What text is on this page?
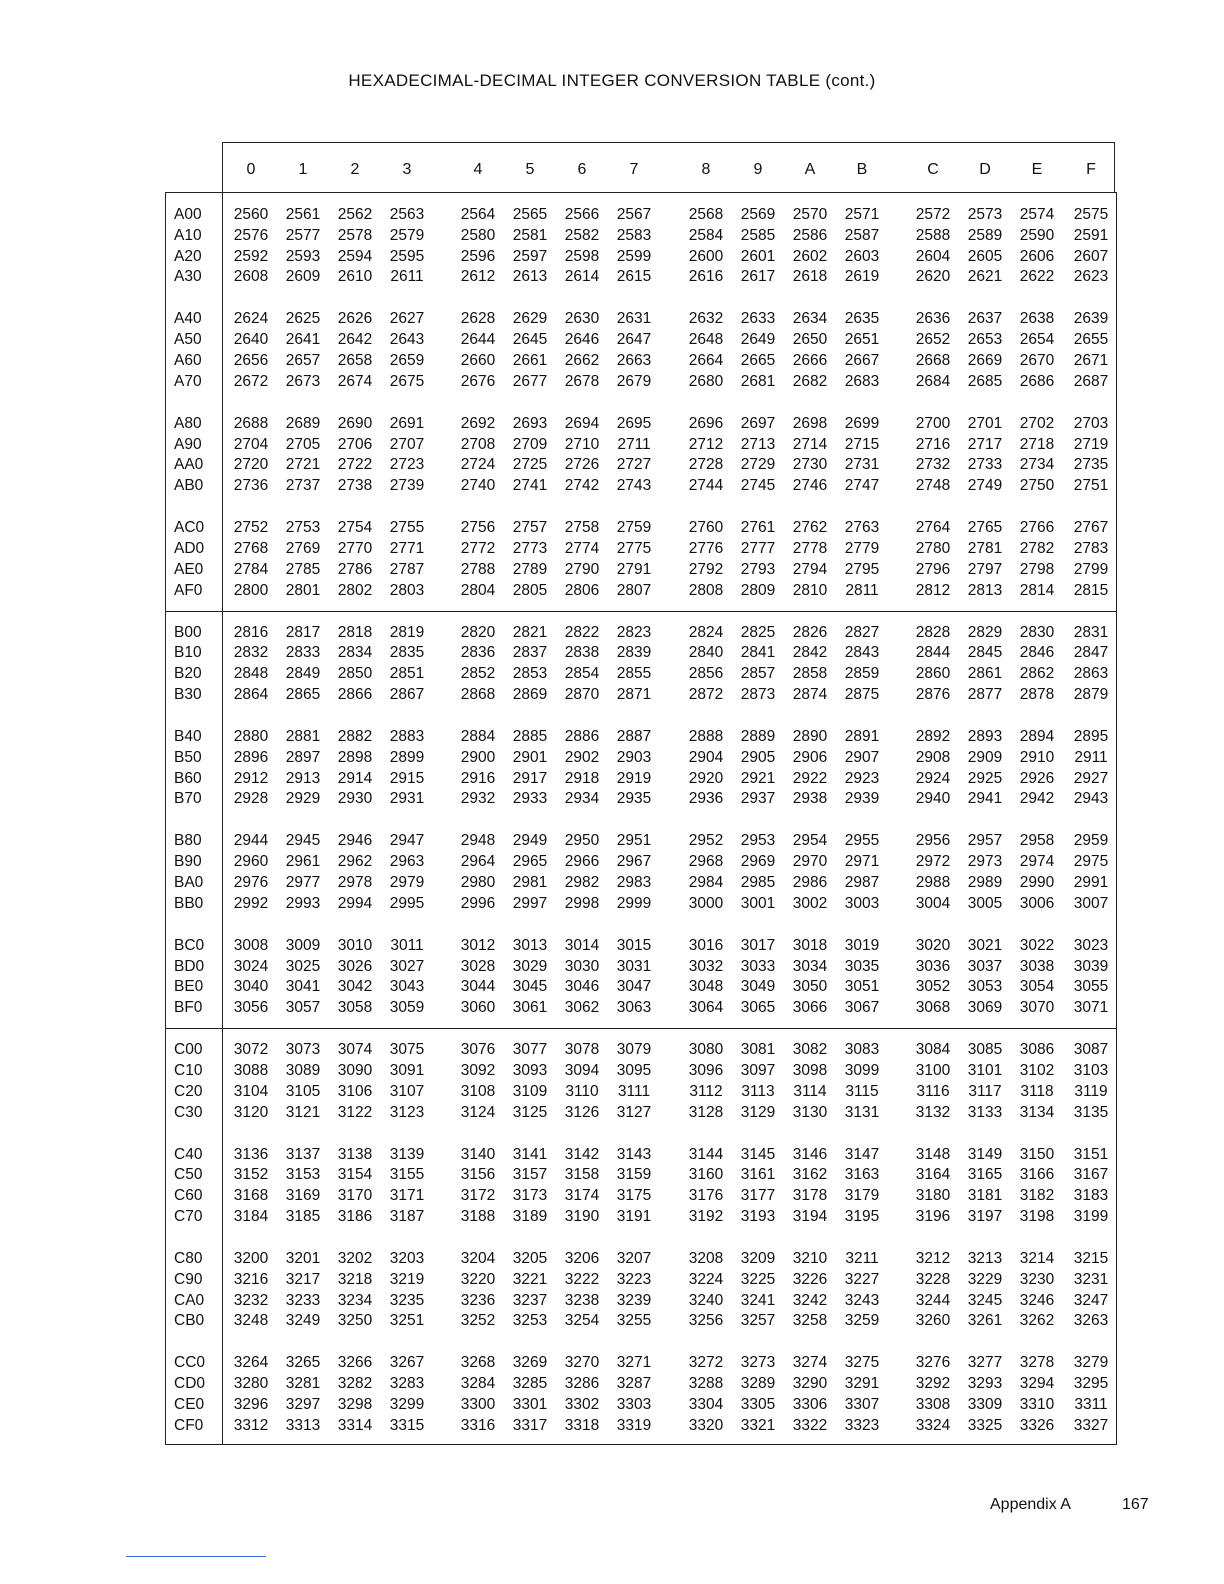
HEXADECIMAL-DECIMAL INTEGER CONVERSION TABLE (cont.)
0	1	2	3	4	5	6	7	8	9	A	B	C	D	E	F
A00	2560	2561	2562	2563	2564	2565	2566	2567	2568	2569	2570	2571	2572	2573	2574	2575
A10	2576	2577	2578	2579	2580	2581	2582	2583	2584	2585	2586	2587	2588	2589	2590	2591
A20	2592	2593	2594	2595	2596	2597	2598	2599	2600	2601	2602	2603	2604	2605	2606	2607
A30	2608	2609	2610	2611	2612	2613	2614	2615	2616	2617	2618	2619	2620	2621	2622	2623
A40	2624	2625	2626	2627	2628	2629	2630	2631	2632	2633	2634	2635	2636	2637	2638	2639
A50	2640	2641	2642	2643	2644	2645	2646	2647	2648	2649	2650	2651	2652	2653	2654	2655
A60	2656	2657	2658	2659	2660	2661	2662	2663	2664	2665	2666	2667	2668	2669	2670	2671
A70	2672	2673	2674	2675	2676	2677	2678	2679	2680	2681	2682	2683	2684	2685	2686	2687
A80	2688	2689	2690	2691	2692	2693	2694	2695	2696	2697	2698	2699	2700	2701	2702	2703
A90	2704	2705	2706	2707	2708	2709	2710	2711	2712	2713	2714	2715	2716	2717	2718	2719
AA0	2720	2721	2722	2723	2724	2725	2726	2727	2728	2729	2730	2731	2732	2733	2734	2735
AB0	2736	2737	2738	2739	2740	2741	2742	2743	2744	2745	2746	2747	2748	2749	2750	2751
AC0	2752	2753	2754	2755	2756	2757	2758	2759	2760	2761	2762	2763	2764	2765	2766	2767
AD0	2768	2769	2770	2771	2772	2773	2774	2775	2776	2777	2778	2779	2780	2781	2782	2783
AE0	2784	2785	2786	2787	2788	2789	2790	2791	2792	2793	2794	2795	2796	2797	2798	2799
AF0	2800	2801	2802	2803	2804	2805	2806	2807	2808	2809	2810	2811	2812	2813	2814	2815
B00	2816	2817	2818	2819	2820	2821	2822	2823	2824	2825	2826	2827	2828	2829	2830	2831
B10	2832	2833	2834	2835	2836	2837	2838	2839	2840	2841	2842	2843	2844	2845	2846	2847
B20	2848	2849	2850	2851	2852	2853	2854	2855	2856	2857	2858	2859	2860	2861	2862	2863
B30	2864	2865	2866	2867	2868	2869	2870	2871	2872	2873	2874	2875	2876	2877	2878	2879
B40	2880	2881	2882	2883	2884	2885	2886	2887	2888	2889	2890	2891	2892	2893	2894	2895
B50	2896	2897	2898	2899	2900	2901	2902	2903	2904	2905	2906	2907	2908	2909	2910	2911
B60	2912	2913	2914	2915	2916	2917	2918	2919	2920	2921	2922	2923	2924	2925	2926	2927
B70	2928	2929	2930	2931	2932	2933	2934	2935	2936	2937	2938	2939	2940	2941	2942	2943
B80	2944	2945	2946	2947	2948	2949	2950	2951	2952	2953	2954	2955	2956	2957	2958	2959
B90	2960	2961	2962	2963	2964	2965	2966	2967	2968	2969	2970	2971	2972	2973	2974	2975
BA0	2976	2977	2978	2979	2980	2981	2982	2983	2984	2985	2986	2987	2988	2989	2990	2991
BB0	2992	2993	2994	2995	2996	2997	2998	2999	3000	3001	3002	3003	3004	3005	3006	3007
BC0	3008	3009	3010	3011	3012	3013	3014	3015	3016	3017	3018	3019	3020	3021	3022	3023
BD0	3024	3025	3026	3027	3028	3029	3030	3031	3032	3033	3034	3035	3036	3037	3038	3039
BE0	3040	3041	3042	3043	3044	3045	3046	3047	3048	3049	3050	3051	3052	3053	3054	3055
BF0	3056	3057	3058	3059	3060	3061	3062	3063	3064	3065	3066	3067	3068	3069	3070	3071
C00	3072	3073	3074	3075	3076	3077	3078	3079	3080	3081	3082	3083	3084	3085	3086	3087
C10	3088	3089	3090	3091	3092	3093	3094	3095	3096	3097	3098	3099	3100	3101	3102	3103
C20	3104	3105	3106	3107	3108	3109	3110	3111	3112	3113	3114	3115	3116	3117	3118	3119
C30	3120	3121	3122	3123	3124	3125	3126	3127	3128	3129	3130	3131	3132	3133	3134	3135
C40	3136	3137	3138	3139	3140	3141	3142	3143	3144	3145	3146	3147	3148	3149	3150	3151
C50	3152	3153	3154	3155	3156	3157	3158	3159	3160	3161	3162	3163	3164	3165	3166	3167
C60	3168	3169	3170	3171	3172	3173	3174	3175	3176	3177	3178	3179	3180	3181	3182	3183
C70	3184	3185	3186	3187	3188	3189	3190	3191	3192	3193	3194	3195	3196	3197	3198	3199
C80	3200	3201	3202	3203	3204	3205	3206	3207	3208	3209	3210	3211	3212	3213	3214	3215
C90	3216	3217	3218	3219	3220	3221	3222	3223	3224	3225	3226	3227	3228	3229	3230	3231
CA0	3232	3233	3234	3235	3236	3237	3238	3239	3240	3241	3242	3243	3244	3245	3246	3247
CB0	3248	3249	3250	3251	3252	3253	3254	3255	3256	3257	3258	3259	3260	3261	3262	3263
CC0	3264	3265	3266	3267	3268	3269	3270	3271	3272	3273	3274	3275	3276	3277	3278	3279
CD0	3280	3281	3282	3283	3284	3285	3286	3287	3288	3289	3290	3291	3292	3293	3294	3295
CE0	3296	3297	3298	3299	3300	3301	3302	3303	3304	3305	3306	3307	3308	3309	3310	3311
CF0	3312	3313	3314	3315	3316	3317	3318	3319	3320	3321	3322	3323	3324	3325	3326	3327
Appendix A	167
